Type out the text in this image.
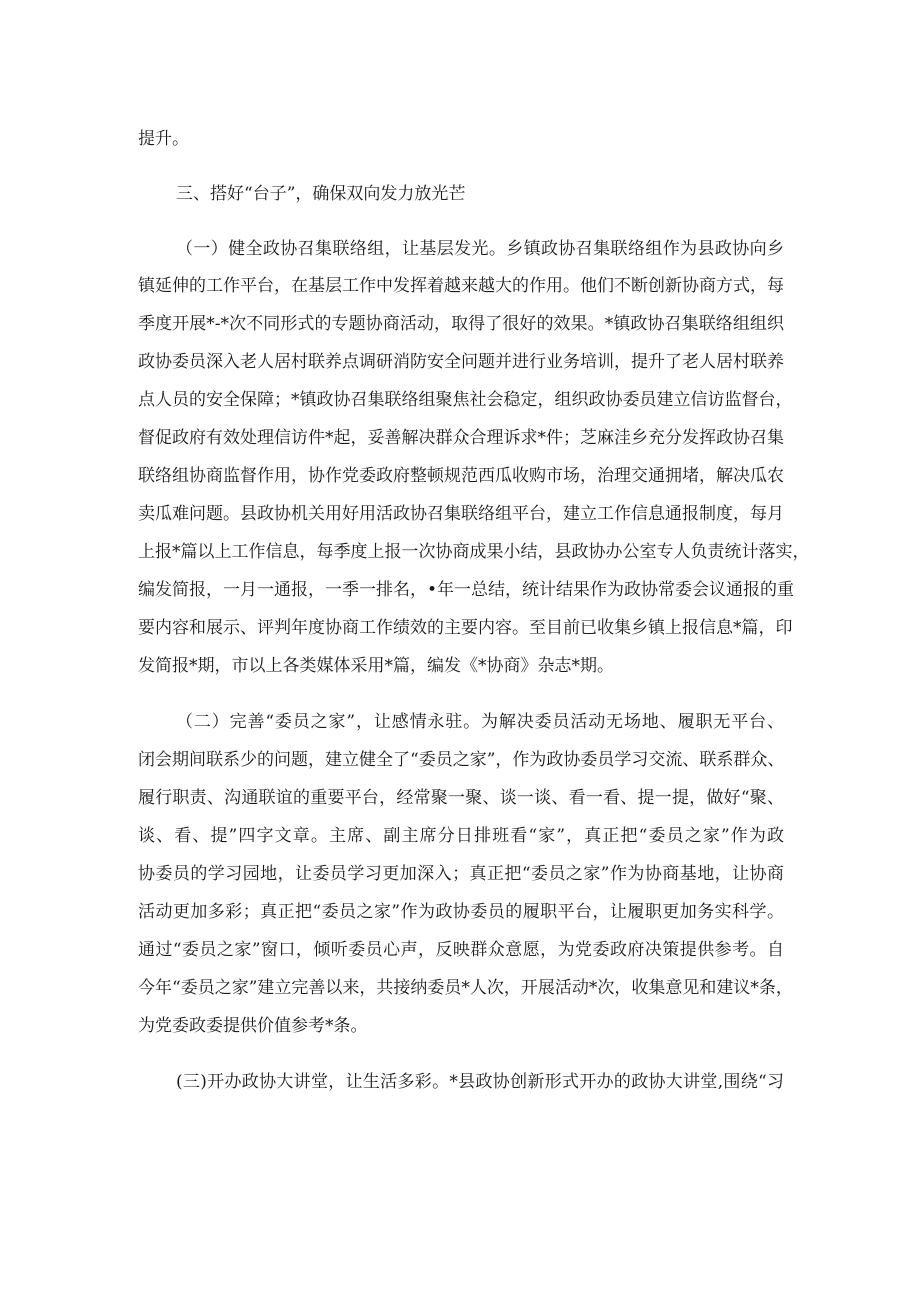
提升。

三、搭好“台子”，确保双向发力放光芒

（一）健全政协召集联络组，让基层发光。乡镇政协召集联络组作为县政协向乡

镇延伸的工作平台，在基层工作中发挥着越来越大的作用。他们不断创新协商方式，每

季度开展*-*次不同形式的专题协商活动，取得了很好的效果。*镇政协召集联络组组织

政协委员深入老人居村联养点调研消防安全问题并进行业务培训，提升了老人居村联养

点人员的安全保障；*镇政协召集联络组聚焦社会稳定，组织政协委员建立信访监督台，

督促政府有效处理信访件*起，妥善解决群众合理诉求*件；芝麻洼乡充分发挥政协召集

联络组协商监督作用，协作党委政府整顿规范西瓜收购市场，治理交通拥堵，解决瓜农

卖瓜难问题。县政协机关用好用活政协召集联络组平台，建立工作信息通报制度，每月

上报*篇以上工作信息，每季度上报一次协商成果小结，县政协办公室专人负责统计落实，

编发简报，一月一通报，一季一排名，•年一总结，统计结果作为政协常委会议通报的重

要内容和展示、评判年度协商工作绩效的主要内容。至目前已收集乡镇上报信息*篇，印

发简报*期，市以上各类媒体采用*篇，编发《*协商》杂志*期。

（二）完善“委员之家”，让感情永驻。为解决委员活动无场地、履职无平台、

闭会期间联系少的问题，建立健全了“委员之家”，作为政协委员学习交流、联系群众、

履行职责、沟通联谊的重要平台，经常聚一聚、谈一谈、看一看、提一提，做好“聚、

谈、看、提”四字文章。主席、副主席分日排班看“家”，真正把“委员之家”作为政

协委员的学习园地，让委员学习更加深入；真正把“委员之家”作为协商基地，让协商

活动更加多彩；真正把“委员之家”作为政协委员的履职平台，让履职更加务实科学。

通过“委员之家”窗口，倾听委员心声，反映群众意愿，为党委政府决策提供参考。自

今年“委员之家”建立完善以来，共接纳委员*人次，开展活动*次，收集意见和建议*条，

为党委政委提供价值参考*条。

(三)开办政协大讲堂，让生活多彩。*县政协创新形式开办的政协大讲堂,围绕“习
